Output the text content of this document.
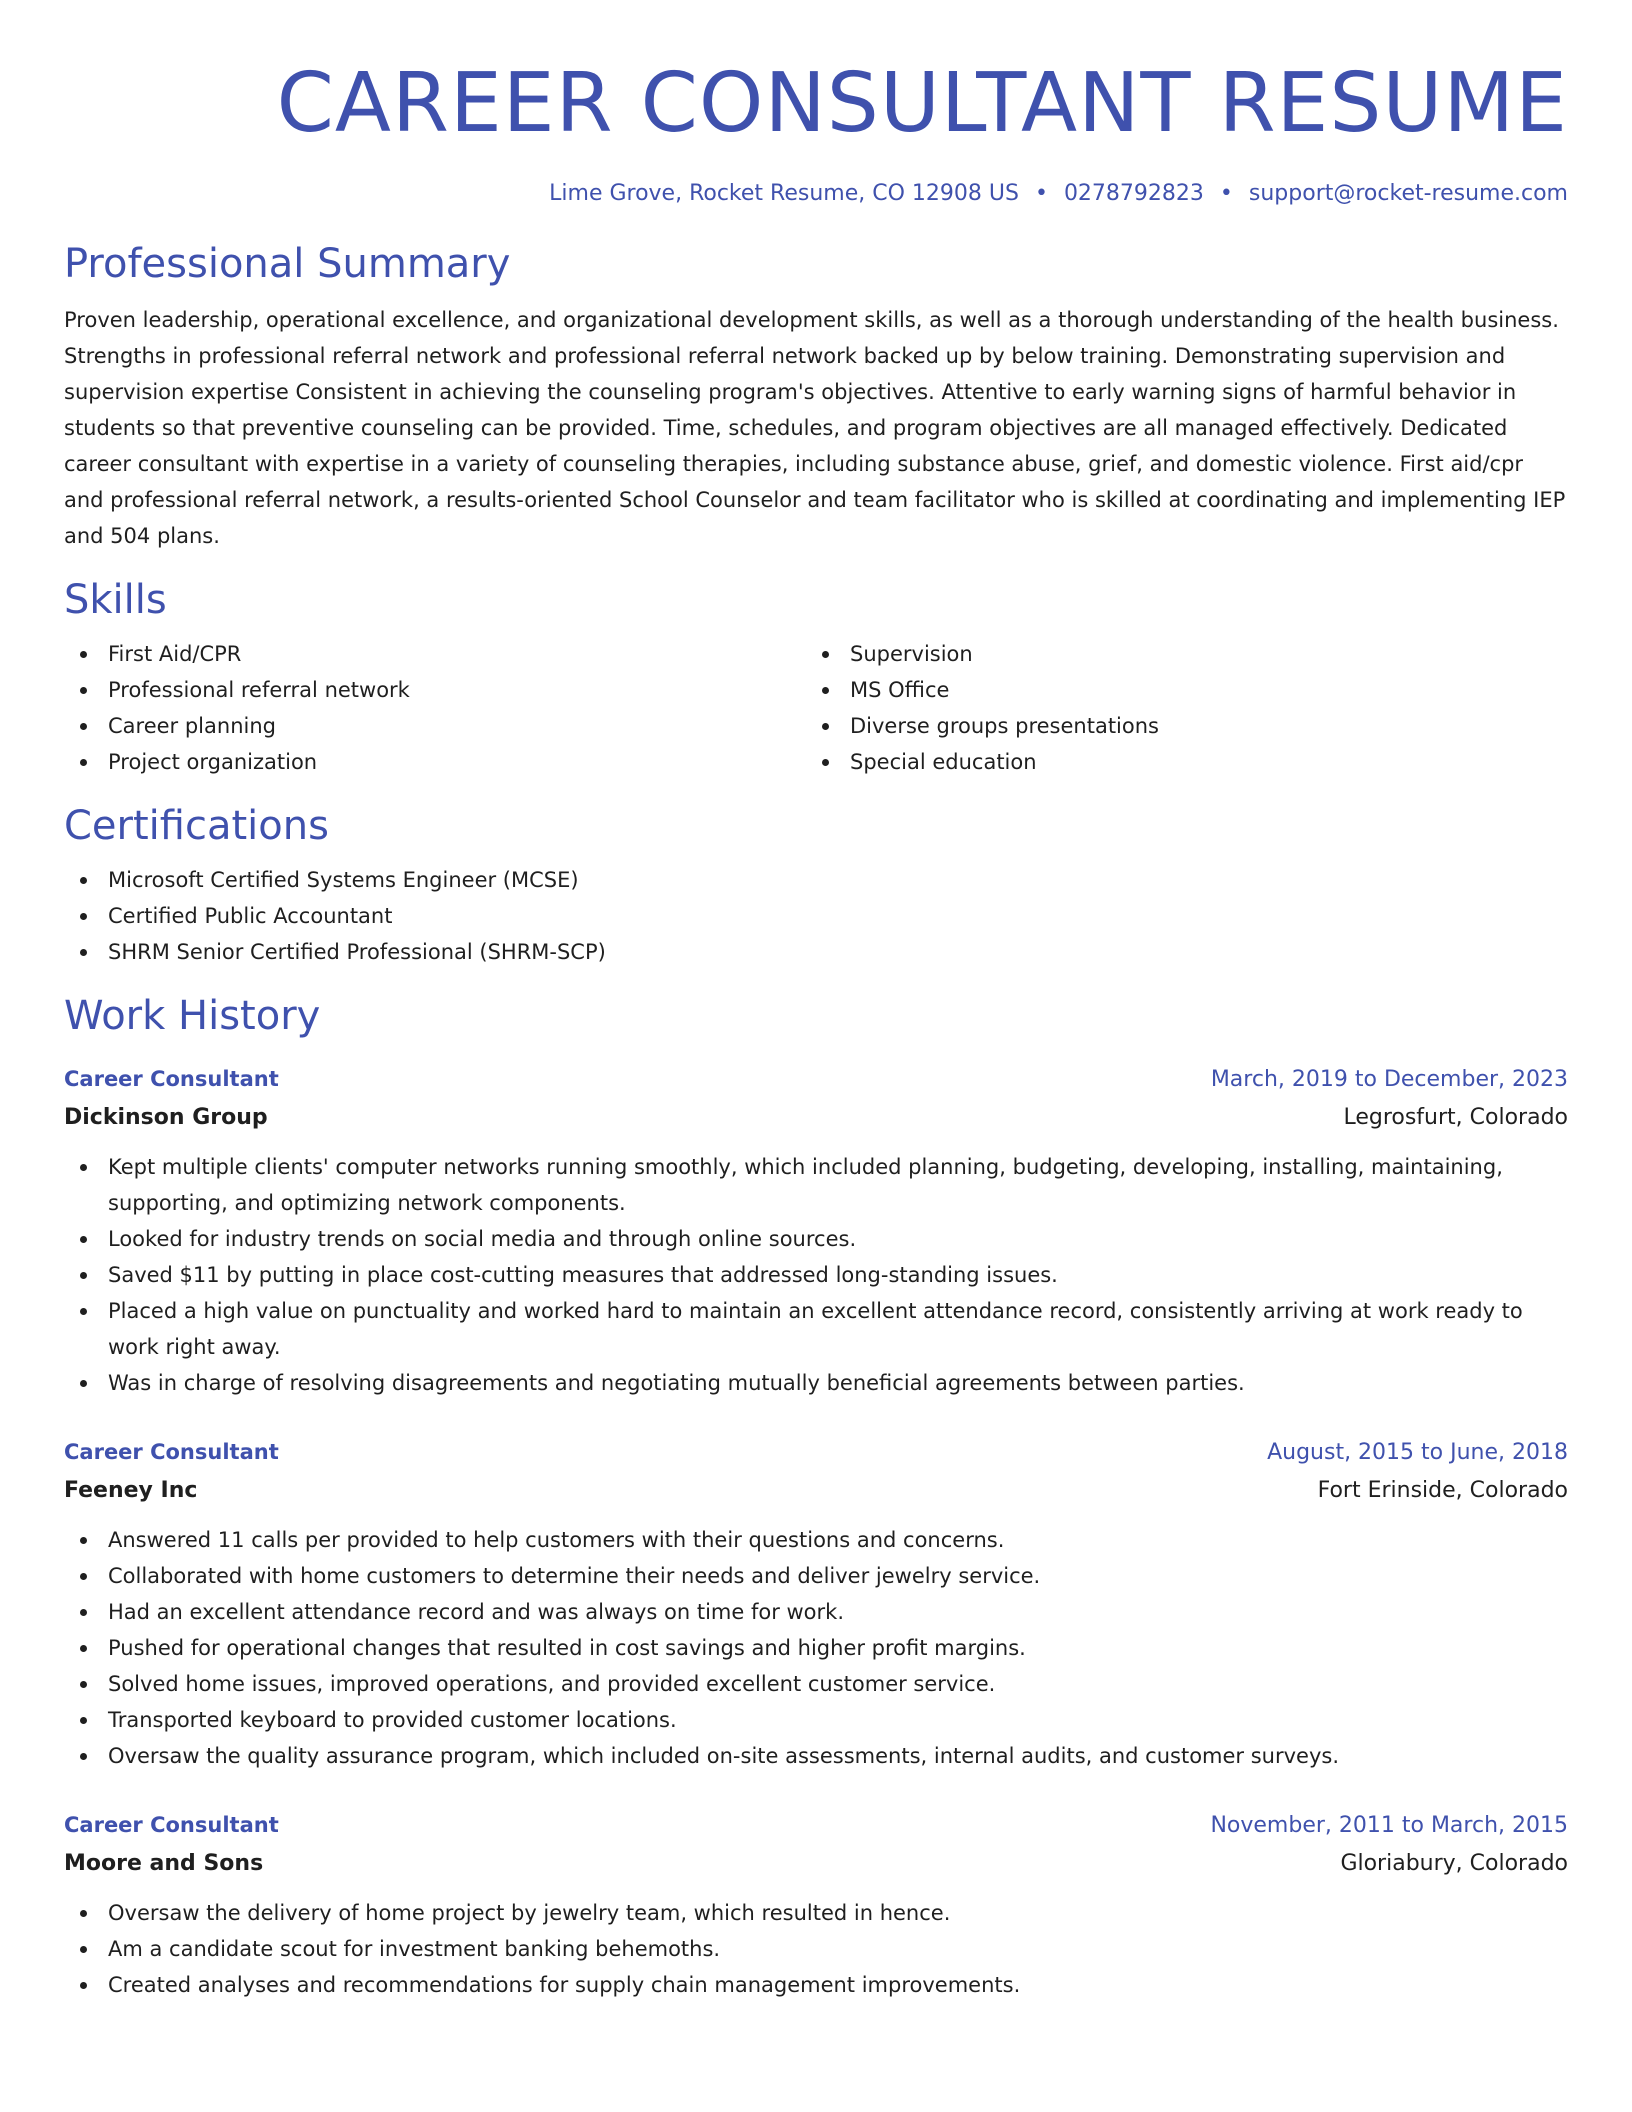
CAREER CONSULTANT RESUME
Lime Grove, Rocket Resume, CO 12908 US • 0278792823 • support@rocket-resume.com
Professional Summary

Proven leadership, operational excellence, and organizational development skills, as well as a thorough understanding of the health business. Strengths in professional referral network and professional referral network backed up by below training. Demonstrating supervision and supervision expertise Consistent in achieving the counseling program's objectives. Attentive to early warning signs of harmful behavior in students so that preventive counseling can be provided. Time, schedules, and program objectives are all managed effectively. Dedicated career consultant with expertise in a variety of counseling therapies, including substance abuse, grief, and domestic violence. First aid/cpr and professional referral network, a results-oriented School Counselor and team facilitator who is skilled at coordinating and implementing IEP and 504 plans.

Skills
First Aid/CPR
Professional referral network
Career planning
Project organization
Supervision
MS Office
Diverse groups presentations
Special education
Certifications
Microsoft Certified Systems Engineer (MCSE)
Certified Public Accountant
SHRM Senior Certified Professional (SHRM-SCP)
Work History
Career Consultant	March, 2019 to December, 2023
Dickinson Group	Legrosfurt, Colorado
Kept multiple clients' computer networks running smoothly, which included planning, budgeting, developing, installing, maintaining, supporting, and optimizing network components.
Looked for industry trends on social media and through online sources.
Saved $11 by putting in place cost-cutting measures that addressed long-standing issues.
Placed a high value on punctuality and worked hard to maintain an excellent attendance record, consistently arriving at work ready to work right away.
Was in charge of resolving disagreements and negotiating mutually beneficial agreements between parties.
Career Consultant	August, 2015 to June, 2018
Feeney Inc	Fort Erinside, Colorado
Answered 11 calls per provided to help customers with their questions and concerns.
Collaborated with home customers to determine their needs and deliver jewelry service.
Had an excellent attendance record and was always on time for work.
Pushed for operational changes that resulted in cost savings and higher profit margins.
Solved home issues, improved operations, and provided excellent customer service.
Transported keyboard to provided customer locations.
Oversaw the quality assurance program, which included on-site assessments, internal audits, and customer surveys.
Career Consultant	November, 2011 to March, 2015
Moore and Sons	Gloriabury, Colorado
Oversaw the delivery of home project by jewelry team, which resulted in hence.
Am a candidate scout for investment banking behemoths.
Created analyses and recommendations for supply chain management improvements.
